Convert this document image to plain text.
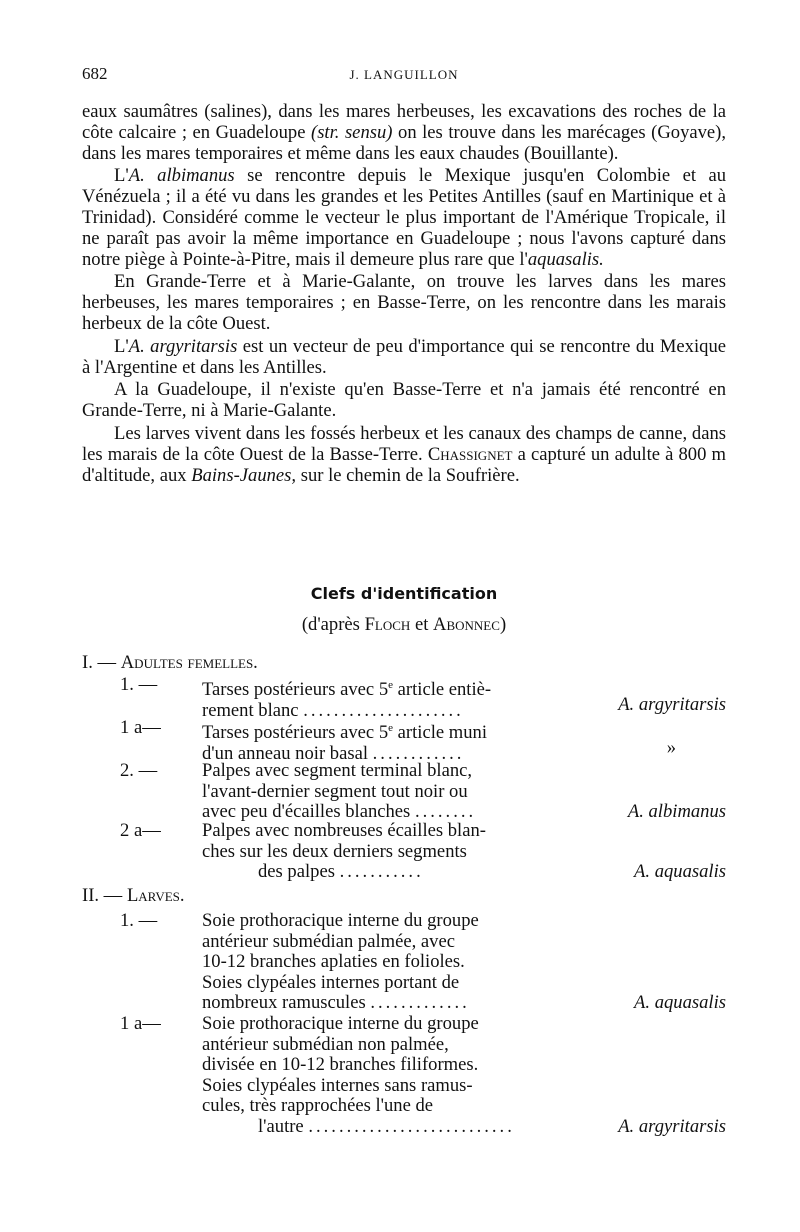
682	J. LANGUILLON

eaux saumâtres (salines), dans les mares herbeuses, les excavations des roches de la côte calcaire ; en Guadeloupe (str. sensu) on les trouve dans les marécages (Goyave), dans les mares temporaires et même dans les eaux chaudes (Bouillante).

L'A. albimanus se rencontre depuis le Mexique jusqu'en Colombie et au Vénézuela ; il a été vu dans les grandes et les Petites Antilles (sauf en Martinique et à Trinidad). Considéré comme le vecteur le plus important de l'Amérique Tropicale, il ne paraît pas avoir la même importance en Guadeloupe ; nous l'avons capturé dans notre piège à Pointe-à-Pitre, mais il demeure plus rare que l'aquasalis.

En Grande-Terre et à Marie-Galante, on trouve les larves dans les mares herbeuses, les mares temporaires ; en Basse-Terre, on les rencontre dans les marais herbeux de la côte Ouest.

L'A. argyritarsis est un vecteur de peu d'importance qui se rencontre du Mexique à l'Argentine et dans les Antilles.

A la Guadeloupe, il n'existe qu'en Basse-Terre et n'a jamais été rencontré en Grande-Terre, ni à Marie-Galante.

Les larves vivent dans les fossés herbeux et les canaux des champs de canne, dans les marais de la côte Ouest de la Basse-Terre. Chassignet a capturé un adulte à 800 m d'altitude, aux Bains-Jaunes, sur le chemin de la Soufrière.

Clefs d'identification
(d'après Floch et Abonnec)
I. — Adultes femelles.
1. —	Tarses postérieurs avec 5e article entiè-
rement blanc .....................	A. argyritarsis
1 a—	Tarses postérieurs avec 5e article muni
d'un anneau noir basal ............	»
2. —	Palpes avec segment terminal blanc,
l'avant-dernier segment tout noir ou
avec peu d'écailles blanches ........	A. albimanus
2 a—	Palpes avec nombreuses écailles blan-
ches sur les deux derniers segments
des palpes ...........	A. aquasalis
II. — Larves.
1. —	Soie prothoracique interne du groupe
antérieur submédian palmée, avec
10-12 branches aplaties en folioles.
Soies clypéales internes portant de
nombreux ramuscules .............	A. aquasalis
1 a—	Soie prothoracique interne du groupe
antérieur submédian non palmée,
divisée en 10-12 branches filiformes.
Soies clypéales internes sans ramus-
cules, très rapprochées l'une de
l'autre ...........................	A. argyritarsis
